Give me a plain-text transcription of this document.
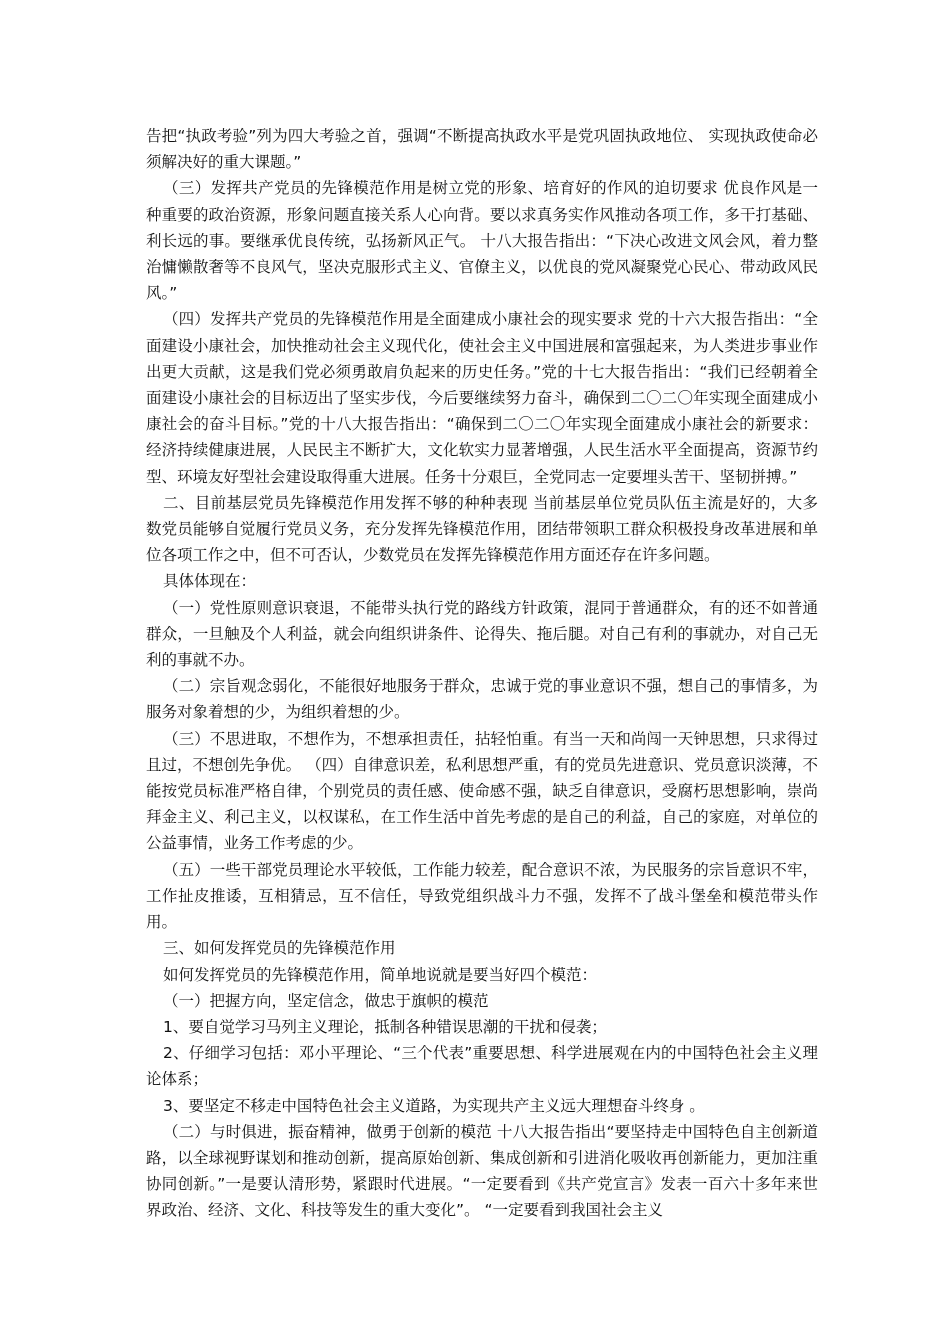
告把“执政考验”列为四大考验之首，强调“不断提高执政水平是党巩固执政地位、 实现执政使命必须解决好的重大课题。”

（三）发挥共产党员的先锋模范作用是树立党的形象、培育好的作风的迫切要求 优良作风是一种重要的政治资源，形象问题直接关系人心向背。要以求真务实作风推动各项工作，多干打基础、利长远的事。要继承优良传统，弘扬新风正气。 十八大报告指出：“下决心改进文风会风，着力整治慵懒散奢等不良风气，坚决克服形式主义、官僚主义，以优良的党风凝聚党心民心、带动政风民风。”

（四）发挥共产党员的先锋模范作用是全面建成小康社会的现实要求 党的十六大报告指出：“全面建设小康社会，加快推动社会主义现代化，使社会主义中国进展和富强起来，为人类进步事业作出更大贡献，这是我们党必须勇敢肩负起来的历史任务。”党的十七大报告指出：“我们已经朝着全面建设小康社会的目标迈出了坚实步伐，今后要继续努力奋斗，确保到二〇二〇年实现全面建成小康社会的奋斗目标。”党的十八大报告指出：“确保到二〇二〇年实现全面建成小康社会的新要求：经济持续健康进展，人民民主不断扩大，文化软实力显著增强，人民生活水平全面提高，资源节约型、环境友好型社会建设取得重大进展。任务十分艰巨，全党同志一定要埋头苦干、坚韧拼搏。”

二、目前基层党员先锋模范作用发挥不够的种种表现 当前基层单位党员队伍主流是好的，大多数党员能够自觉履行党员义务，充分发挥先锋模范作用，团结带领职工群众积极投身改革进展和单位各项工作之中，但不可否认，少数党员在发挥先锋模范作用方面还存在许多问题。

具体体现在：

（一）党性原则意识衰退，不能带头执行党的路线方针政策，混同于普通群众，有的还不如普通群众，一旦触及个人利益，就会向组织讲条件、论得失、拖后腿。对自己有利的事就办，对自己无利的事就不办。

（二）宗旨观念弱化，不能很好地服务于群众，忠诚于党的事业意识不强，想自己的事情多，为服务对象着想的少，为组织着想的少。

（三）不思进取，不想作为，不想承担责任，拈轻怕重。有当一天和尚闯一天钟思想，只求得过且过，不想创先争优。 （四）自律意识差，私利思想严重，有的党员先进意识、党员意识淡薄，不能按党员标准严格自律，个别党员的责任感、使命感不强，缺乏自律意识，受腐朽思想影响，崇尚拜金主义、利己主义，以权谋私，在工作生活中首先考虑的是自己的利益，自己的家庭，对单位的公益事情，业务工作考虑的少。

（五）一些干部党员理论水平较低，工作能力较差，配合意识不浓，为民服务的宗旨意识不牢，工作扯皮推诿，互相猜忌，互不信任，导致党组织战斗力不强，发挥不了战斗堡垒和模范带头作用。

三、如何发挥党员的先锋模范作用

如何发挥党员的先锋模范作用，简单地说就是要当好四个模范：

（一）把握方向，坚定信念，做忠于旗帜的模范

1、要自觉学习马列主义理论，抵制各种错误思潮的干扰和侵袭；

2、仔细学习包括：邓小平理论、“三个代表”重要思想、科学进展观在内的中国特色社会主义理论体系；

3、要坚定不移走中国特色社会主义道路，为实现共产主义远大理想奋斗终身 。

（二）与时俱进，振奋精神，做勇于创新的模范 十八大报告指出“要坚持走中国特色自主创新道路，以全球视野谋划和推动创新，提高原始创新、集成创新和引进消化吸收再创新能力，更加注重协同创新。”一是要认清形势，紧跟时代进展。“一定要看到《共产党宣言》发表一百六十多年来世界政治、经济、文化、科技等发生的重大变化”。 “一定要看到我国社会主义
